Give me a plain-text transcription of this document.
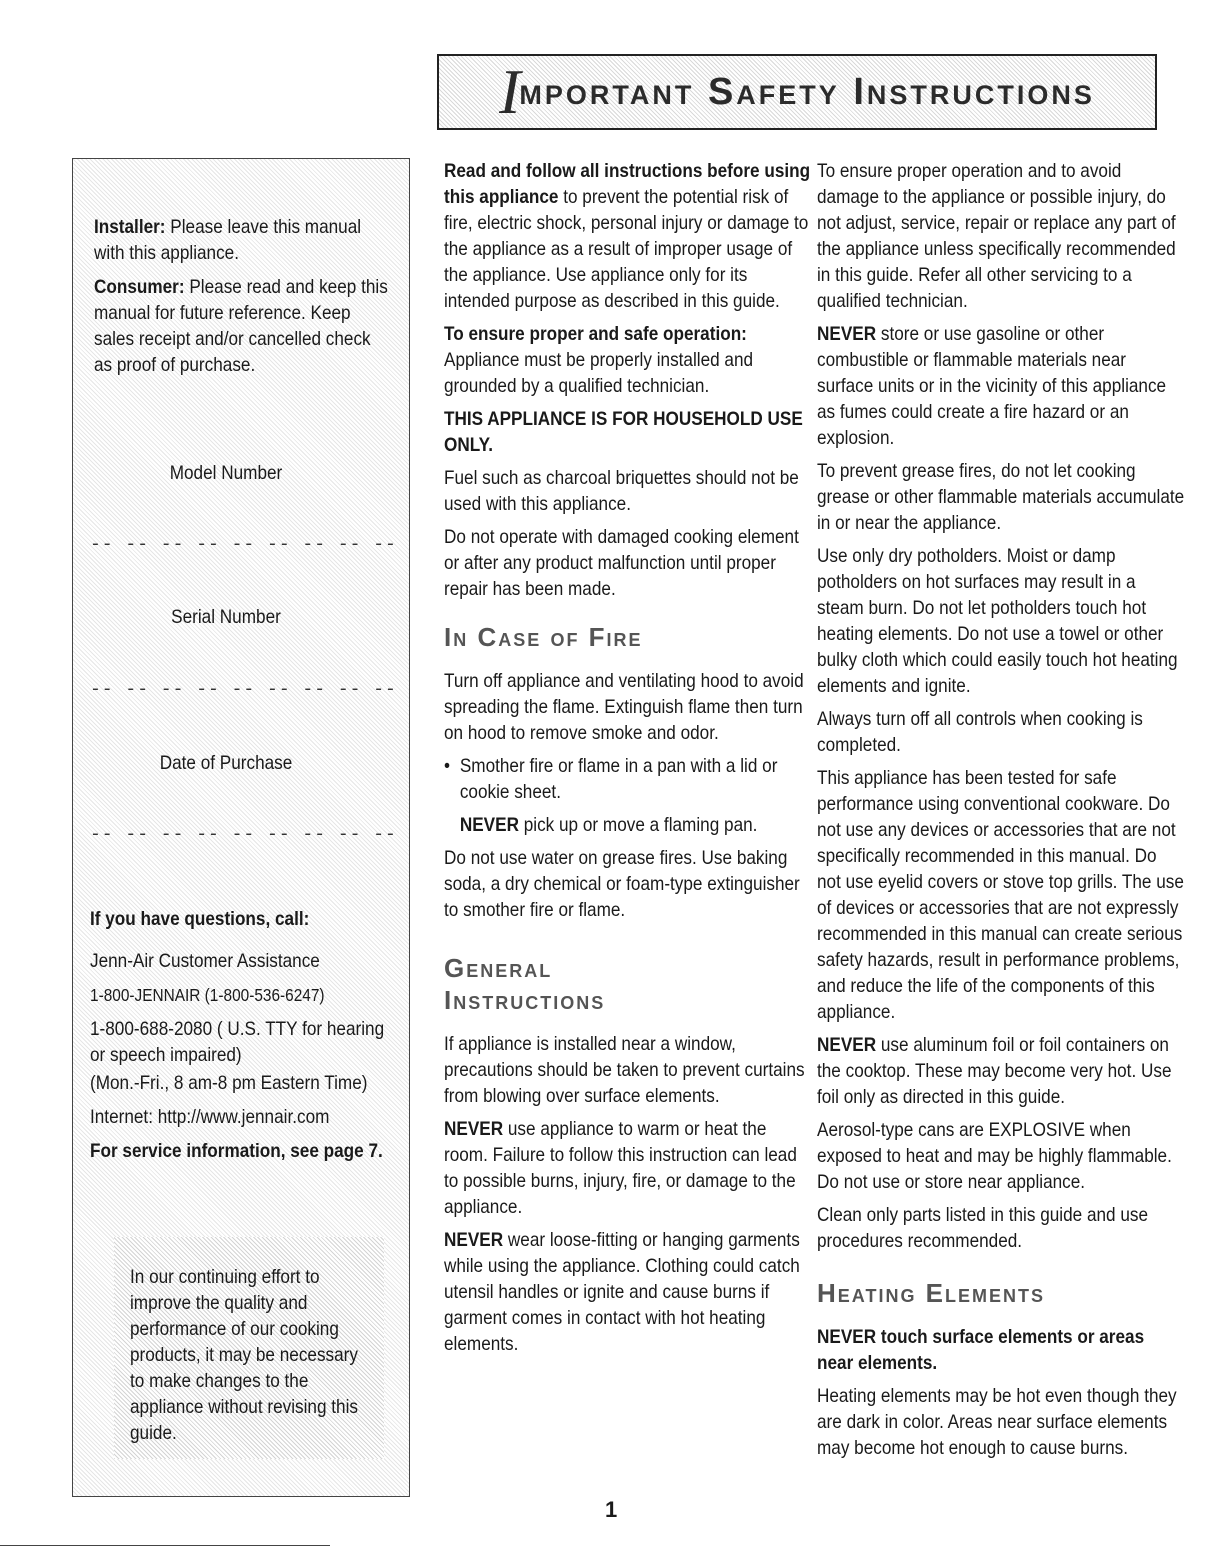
I
mportant Safety Instructions

Installer: Please leave this manual with this appliance.

Consumer: Please read and keep this manual for future reference. Keep sales receipt and/or cancelled check as proof of purchase.

Model Number
-- -- -- -- -- -- -- -- --
Serial Number
-- -- -- -- -- -- -- -- --
Date of Purchase
-- -- -- -- -- -- -- -- --

If you have questions, call:

Jenn-Air Customer Assistance

1-800-JENNAIR (1-800-536-6247)

1-800-688-2080 ( U.S. TTY for hearing or speech impaired)

(Mon.-Fri., 8 am-8 pm Eastern Time)

Internet: http://www.jennair.com

For service information, see page 7.

In our continuing effort to improve the quality and performance of our cooking products, it may be necessary to make changes to the appliance without revising this guide.

Read and follow all instructions before using this appliance to prevent the potential risk of fire, electric shock, personal injury or damage to the appliance as a result of improper usage of the appliance. Use appliance only for its intended purpose as described in this guide.

To ensure proper and safe operation: Appliance must be properly installed and grounded by a qualified technician.

THIS APPLIANCE IS FOR HOUSEHOLD USE ONLY.

Fuel such as charcoal briquettes should not be used with this appliance.

Do not operate with damaged cooking element or after any product malfunction until proper repair has been made.

In Case of Fire

Turn off appliance and ventilating hood to avoid spreading the flame. Extinguish flame then turn on hood to remove smoke and odor.

• Smother fire or flame in a pan with a lid or cookie sheet.

NEVER pick up or move a flaming pan.

Do not use water on grease fires. Use baking soda, a dry chemical or foam-type extinguisher to smother fire or flame.

General
Instructions

If appliance is installed near a window, precautions should be taken to prevent curtains from blowing over surface elements.

NEVER use appliance to warm or heat the room. Failure to follow this instruction can lead to possible burns, injury, fire, or damage to the appliance.

NEVER wear loose-fitting or hanging garments while using the appliance. Clothing could catch utensil handles or ignite and cause burns if garment comes in contact with hot heating elements.

To ensure proper operation and to avoid damage to the appliance or possible injury, do not adjust, service, repair or replace any part of the appliance unless specifically recommended in this guide. Refer all other servicing to a qualified technician.

NEVER store or use gasoline or other combustible or flammable materials near surface units or in the vicinity of this appliance as fumes could create a fire hazard or an explosion.

To prevent grease fires, do not let cooking grease or other flammable materials accumulate in or near the appliance.

Use only dry potholders. Moist or damp potholders on hot surfaces may result in a steam burn. Do not let potholders touch hot heating elements. Do not use a towel or other bulky cloth which could easily touch hot heating elements and ignite.

Always turn off all controls when cooking is completed.

This appliance has been tested for safe performance using conventional cookware. Do not use any devices or accessories that are not specifically recommended in this manual. Do not use eyelid covers or stove top grills. The use of devices or accessories that are not expressly recommended in this manual can create serious safety hazards, result in performance problems, and reduce the life of the components of this appliance.

NEVER use aluminum foil or foil containers on the cooktop. These may become very hot. Use foil only as directed in this guide.

Aerosol-type cans are EXPLOSIVE when exposed to heat and may be highly flammable. Do not use or store near appliance.

Clean only parts listed in this guide and use procedures recommended.

Heating Elements

NEVER touch surface elements or areas near elements.

Heating elements may be hot even though they are dark in color. Areas near surface elements may become hot enough to cause burns.

1
